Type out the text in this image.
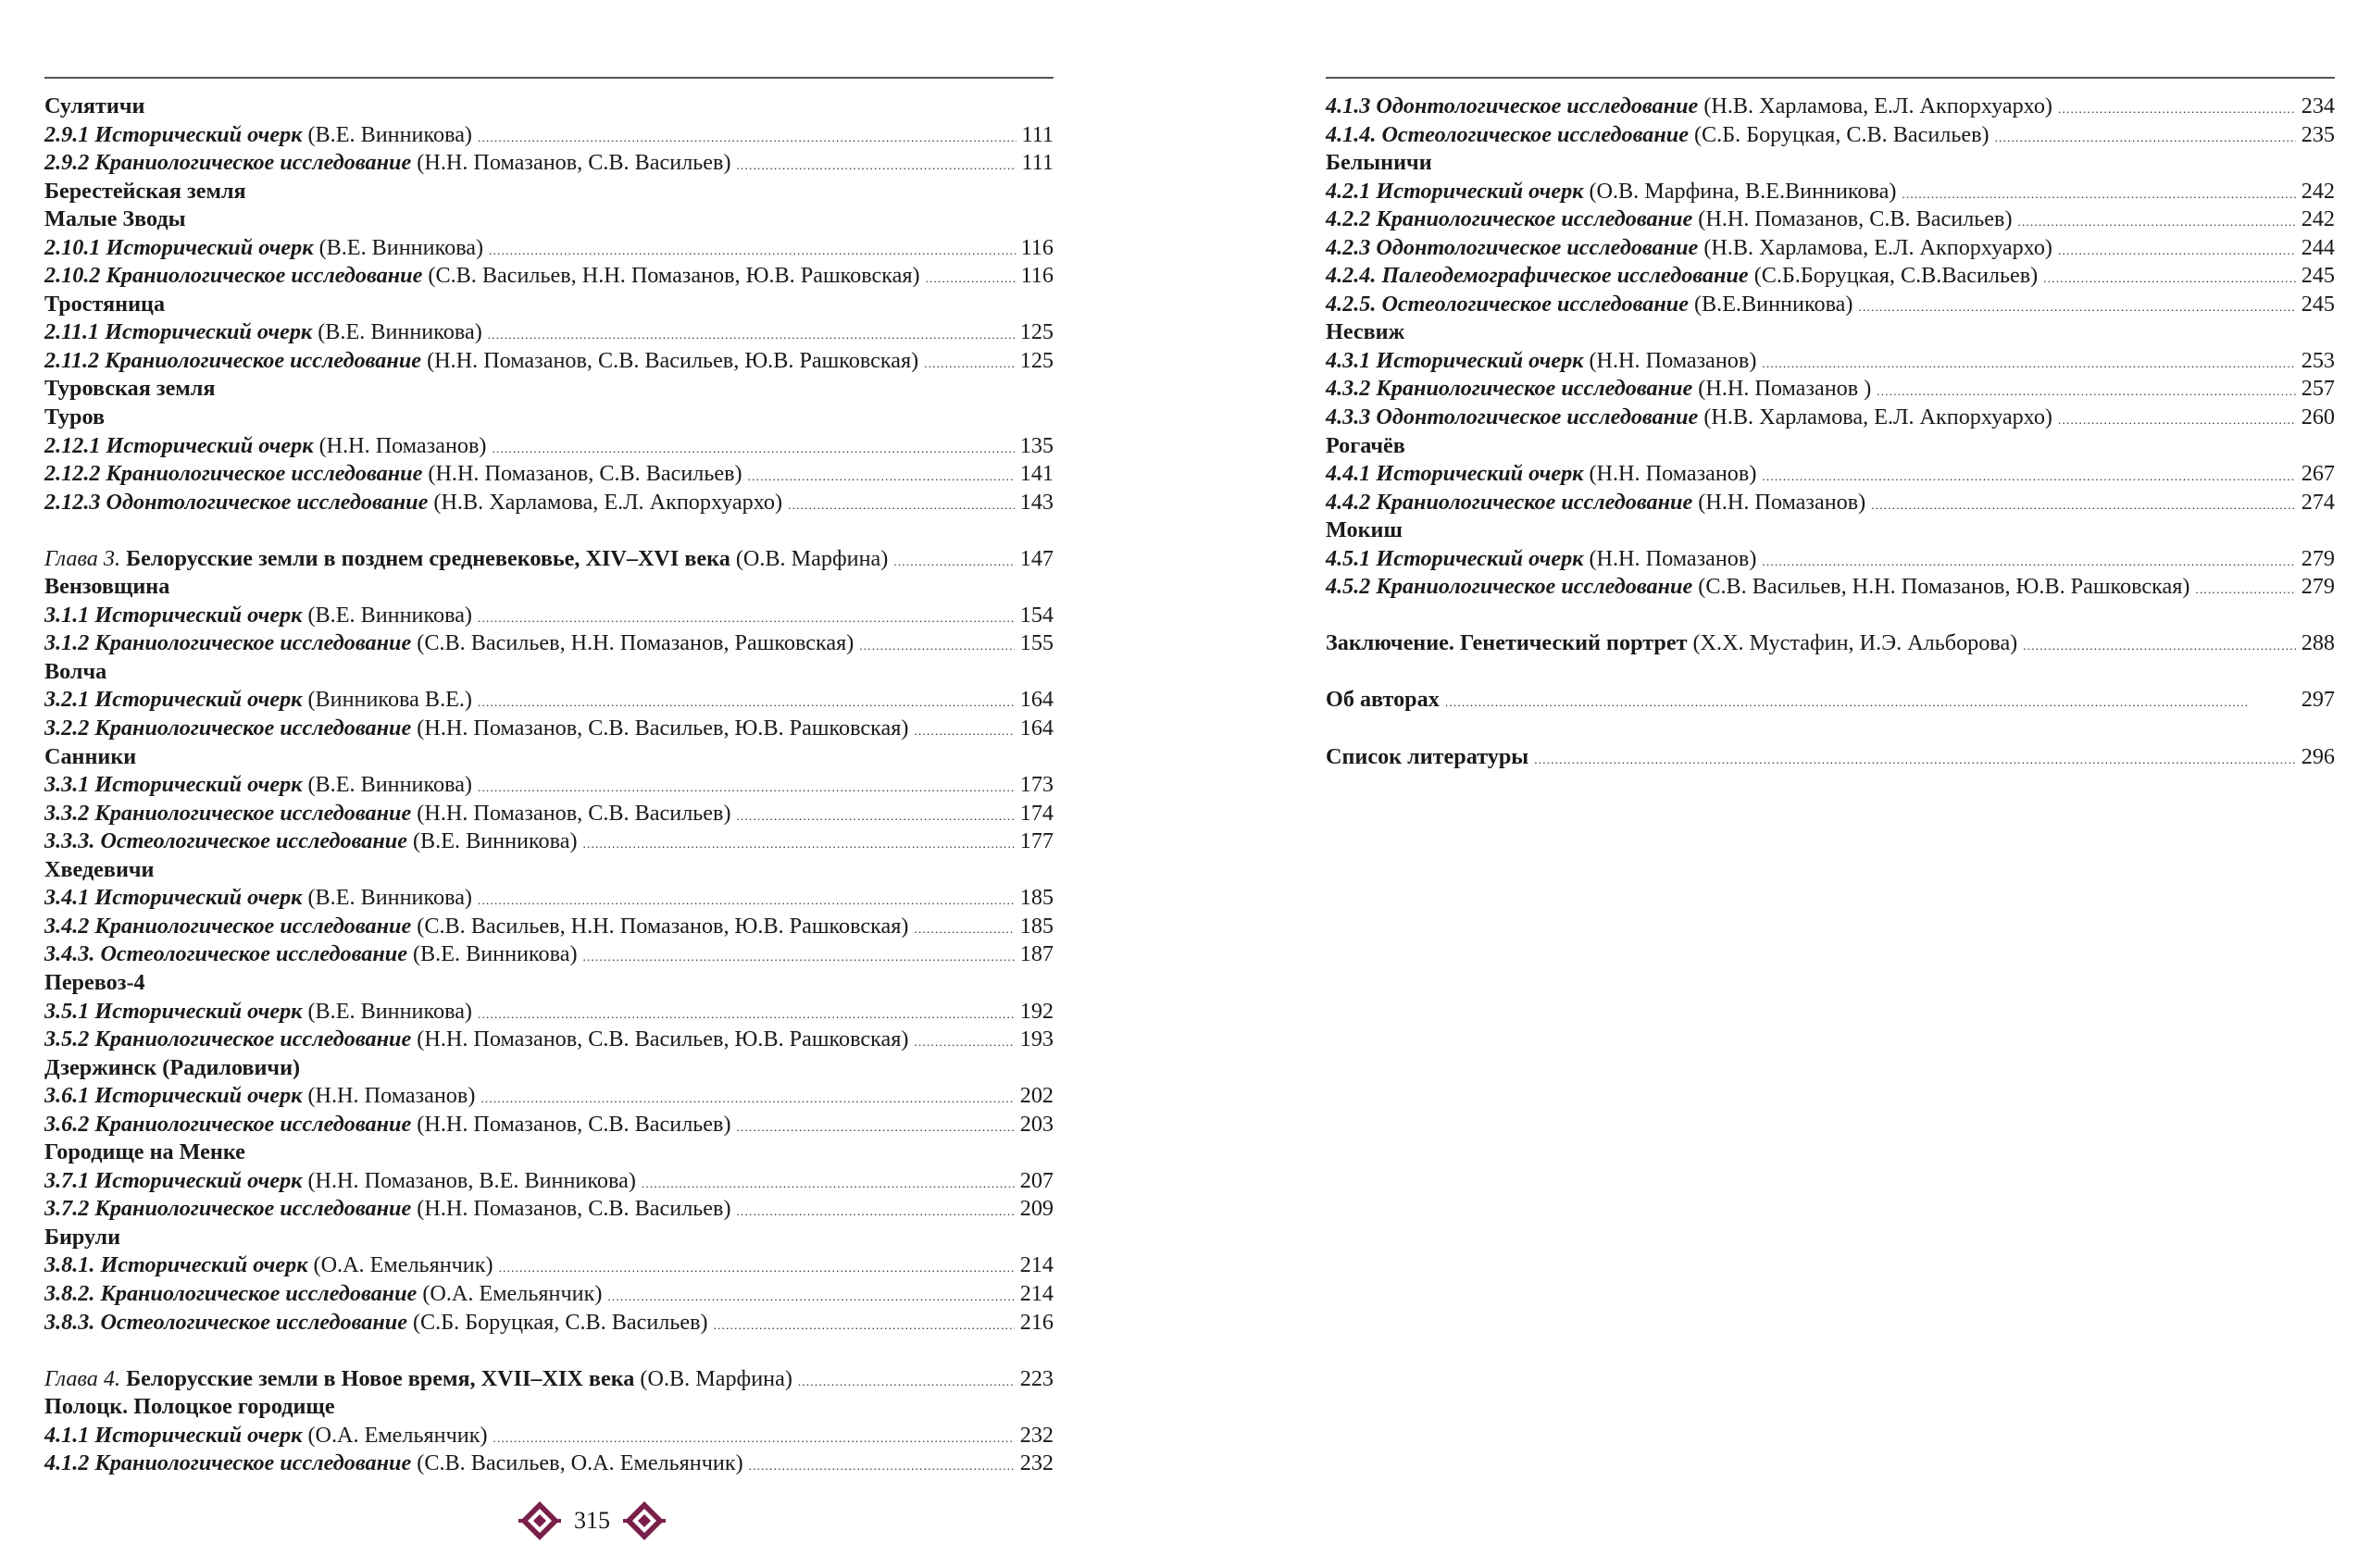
Сулятичи
2.9.1 Исторический очерк (В.Е. Винникова) . . .	111
2.9.2 Краниологическое исследование (Н.Н. Помазанов, С.В. Васильев) . . .	111
Берестейская земля
Малые Зводы
2.10.1 Исторический очерк (В.Е. Винникова) . . .	116
2.10.2 Краниологическое исследование (С.В. Васильев, Н.Н. Помазанов, Ю.В. Рашковская) . . .	116
Тростяница
2.11.1 Исторический очерк (В.Е. Винникова) . . .	125
2.11.2 Краниологическое исследование (Н.Н. Помазанов, С.В. Васильев, Ю.В. Рашковская) . . .	125
Туровская земля
Туров
2.12.1 Исторический очерк (Н.Н. Помазанов) . . .	135
2.12.2 Краниологическое исследование (Н.Н. Помазанов, С.В. Васильев) . . .	141
2.12.3 Одонтологическое исследование (Н.В. Харламова, Е.Л. Акпорхуархо) . . .	143
Глава 3. Белорусские земли в позднем средневековье, XIV–XVI века (О.В. Марфина) . . .	147
Вензовщина
3.1.1 Исторический очерк (В.Е. Винникова) . . .	154
3.1.2 Краниологическое исследование (С.В. Васильев, Н.Н. Помазанов, Рашковская) . . .	155
Волча
3.2.1 Исторический очерк (Винникова В.Е.) . . .	164
3.2.2 Краниологическое исследование (Н.Н. Помазанов, С.В. Васильев, Ю.В. Рашковская) . . .	164
Санники
3.3.1 Исторический очерк (В.Е. Винникова) . . .	173
3.3.2 Краниологическое исследование (Н.Н. Помазанов, С.В. Васильев) . . .	174
3.3.3. Остеологическое исследование (В.Е. Винникова) . . .	177
Хведевичи
3.4.1 Исторический очерк (В.Е. Винникова) . . .	185
3.4.2 Краниологическое исследование (С.В. Васильев, Н.Н. Помазанов, Ю.В. Рашковская) . . .	185
3.4.3. Остеологическое исследование (В.Е. Винникова) . . .	187
Перевоз-4
3.5.1 Исторический очерк (В.Е. Винникова) . . .	192
3.5.2 Краниологическое исследование (Н.Н. Помазанов, С.В. Васильев, Ю.В. Рашковская) . . .	193
Дзержинск (Радиловичи)
3.6.1 Исторический очерк (Н.Н. Помазанов) . . .	202
3.6.2 Краниологическое исследование (Н.Н. Помазанов, С.В. Васильев) . . .	203
Городище на Менке
3.7.1 Исторический очерк (Н.Н. Помазанов, В.Е. Винникова) . . .	207
3.7.2 Краниологическое исследование (Н.Н. Помазанов, С.В. Васильев) . . .	209
Бирули
3.8.1. Исторический очерк (О.А. Емельянчик) . . .	214
3.8.2. Краниологическое исследование (О.А. Емельянчик) . . .	214
3.8.3. Остеологическое исследование (С.Б. Боруцкая, С.В. Васильев) . . .	216
Глава 4. Белорусские земли в Новое время, XVII–XIX века (О.В. Марфина) . . .	223
Полоцк. Полоцкое городище
4.1.1 Исторический очерк (О.А. Емельянчик) . . .	232
4.1.2 Краниологическое исследование (С.В. Васильев, О.А. Емельянчик) . . .	232
315
4.1.3 Одонтологическое исследование (Н.В. Харламова, Е.Л. Акпорхуархо) . . .	234
4.1.4. Остеологическое исследование (С.Б. Боруцкая, С.В. Васильев) . . .	235
Белыничи
4.2.1 Исторический очерк (О.В. Марфина, В.Е.Винникова) . . .	242
4.2.2 Краниологическое исследование (Н.Н. Помазанов, С.В. Васильев) . . .	242
4.2.3 Одонтологическое исследование (Н.В. Харламова, Е.Л. Акпорхуархо) . . .	244
4.2.4. Палеодемографическое исследование (С.Б.Боруцкая, С.В.Васильев) . . .	245
4.2.5. Остеологическое исследование (В.Е.Винникова) . . .	245
Несвиж
4.3.1 Исторический очерк (Н.Н. Помазанов) . . .	253
4.3.2 Краниологическое исследование (Н.Н. Помазанов ) . . .	257
4.3.3 Одонтологическое исследование (Н.В. Харламова, Е.Л. Акпорхуархо) . . .	260
Рогачёв
4.4.1 Исторический очерк (Н.Н. Помазанов) . . .	267
4.4.2 Краниологическое исследование (Н.Н. Помазанов) . . .	274
Мокиш
4.5.1 Исторический очерк (Н.Н. Помазанов) . . .	279
4.5.2 Краниологическое исследование (С.В. Васильев, Н.Н. Помазанов, Ю.В. Рашковская) . . .	279
Заключение. Генетический портрет (Х.Х. Мустафин, И.Э. Альборова) . . .	288
Об авторах . . .	297
Список литературы . . .	296
